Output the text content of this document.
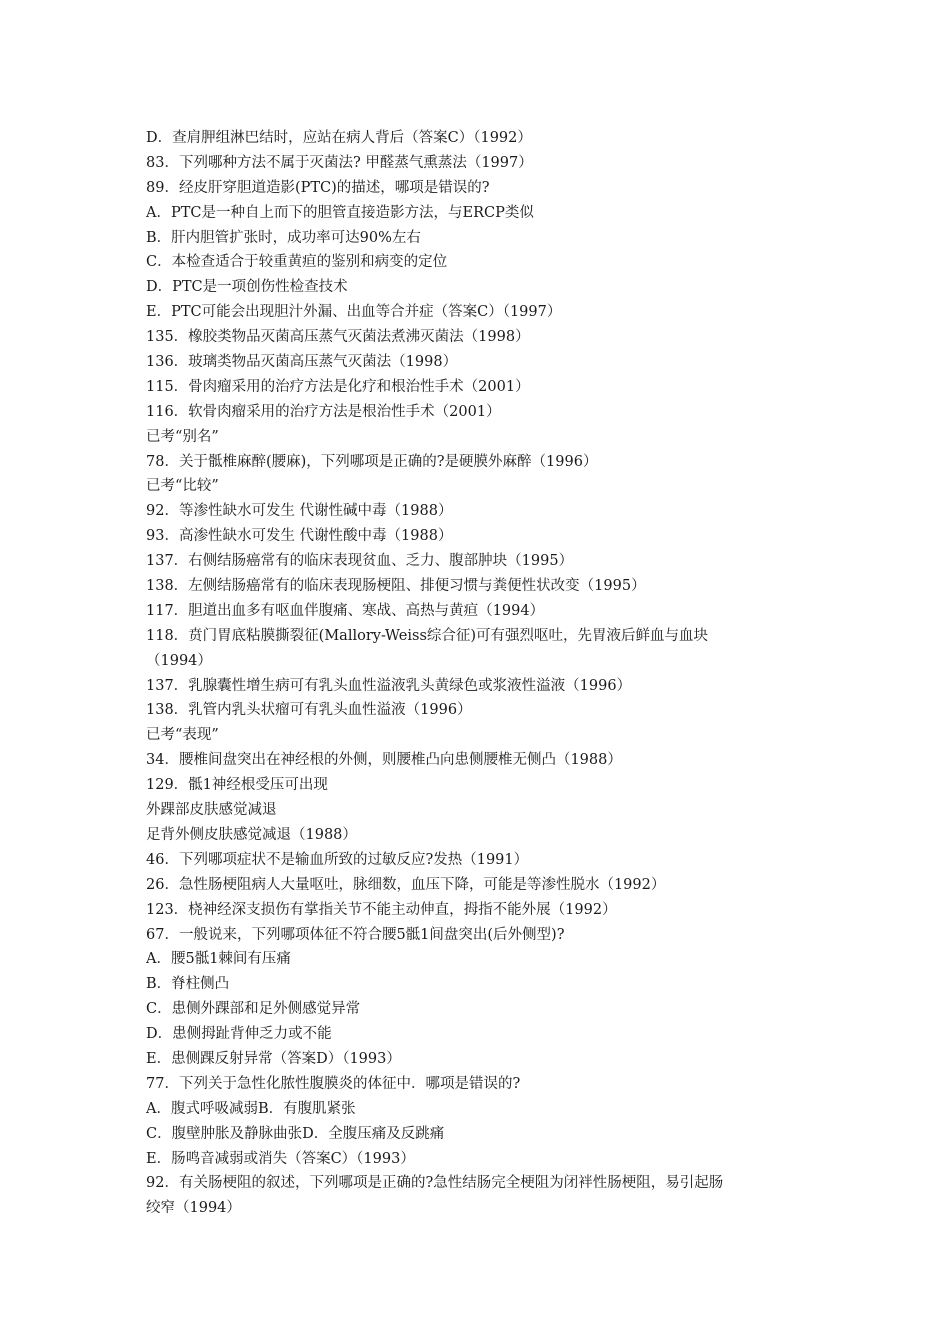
D．查肩胛组淋巴结时，应站在病人背后（答案C）（1992）
83．下列哪种方法不属于灭菌法? 甲醛蒸气熏蒸法（1997）
89．经皮肝穿胆道造影(PTC)的描述，哪项是错误的?
A．PTC是一种自上而下的胆管直接造影方法，与ERCP类似
B．肝内胆管扩张时，成功率可达90%左右
C．本检查适合于较重黄疸的鉴别和病变的定位
D．PTC是一项创伤性检查技术
E．PTC可能会出现胆汁外漏、出血等合并症（答案C）（1997）
135．橡胶类物品灭菌高压蒸气灭菌法煮沸灭菌法（1998）
136．玻璃类物品灭菌高压蒸气灭菌法（1998）
115．骨肉瘤采用的治疗方法是化疗和根治性手术（2001）
116．软骨肉瘤采用的治疗方法是根治性手术（2001）
已考“别名”
78．关于骶椎麻醉(腰麻)，下列哪项是正确的?是硬膜外麻醉（1996）
已考“比较”
92．等渗性缺水可发生 代谢性碱中毒（1988）
93．高渗性缺水可发生 代谢性酸中毒（1988）
137．右侧结肠癌常有的临床表现贫血、乏力、腹部肿块（1995）
138．左侧结肠癌常有的临床表现肠梗阻、排便习惯与粪便性状改变（1995）
117．胆道出血多有呕血伴腹痛、寒战、高热与黄疸（1994）
118．贲门胃底粘膜撕裂征(Mallory-Weiss综合征)可有强烈呕吐，先胃液后鲜血与血块
（1994）
137．乳腺囊性增生病可有乳头血性溢液乳头黄绿色或浆液性溢液（1996）
138．乳管内乳头状瘤可有乳头血性溢液（1996）
已考“表现”
34．腰椎间盘突出在神经根的外侧，则腰椎凸向患侧腰椎无侧凸（1988）
129．骶1神经根受压可出现
外踝部皮肤感觉减退
足背外侧皮肤感觉减退（1988）
46．下列哪项症状不是输血所致的过敏反应?发热（1991）
26．急性肠梗阻病人大量呕吐，脉细数，血压下降，可能是等渗性脱水（1992）
123．桡神经深支损伤有掌指关节不能主动伸直，拇指不能外展（1992）
67．一般说来，下列哪项体征不符合腰5骶1间盘突出(后外侧型)?
A．腰5骶1棘间有压痛
B．脊柱侧凸
C．患侧外踝部和足外侧感觉异常
D．患侧拇趾背伸乏力或不能
E．患侧踝反射异常（答案D）（1993）
77．下列关于急性化脓性腹膜炎的体征中．哪项是错误的?
A．腹式呼吸减弱B．有腹肌紧张
C．腹壁肿胀及静脉曲张D．全腹压痛及反跳痛
E．肠鸣音减弱或消失（答案C）（1993）
92．有关肠梗阻的叙述，下列哪项是正确的?急性结肠完全梗阻为闭袢性肠梗阻，易引起肠
绞窄（1994）
